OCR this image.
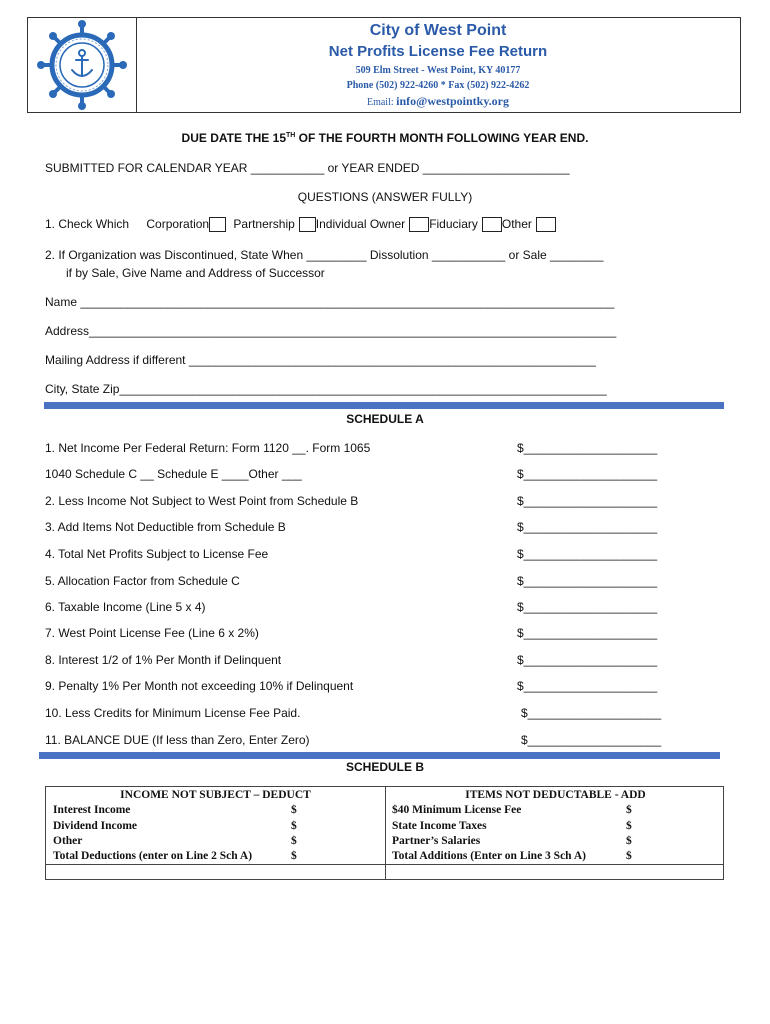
City of West Point
Net Profits License Fee Return
509 Elm Street - West Point, KY 40177
Phone (502) 922-4260 * Fax (502) 922-4262
Email: info@westpointky.org
DUE DATE THE 15TH OF THE FOURTH MONTH FOLLOWING YEAR END.
SUBMITTED FOR CALENDAR YEAR ___________ or YEAR ENDED ______________________
QUESTIONS (ANSWER FULLY)
1. Check Which Corporation Partnership Individual Owner Fiduciary Other
2. If Organization was Discontinued, State When _________ Dissolution ___________ or Sale ________
if by Sale, Give Name and Address of Successor
Name ________________________________________________________________________________
Address_______________________________________________________________________________
Mailing Address if different _____________________________________________________________
City, State Zip_________________________________________________________________________
SCHEDULE A
1. Net Income Per Federal Return: Form 1120 __. Form 1065	$____________________
1040 Schedule C __ Schedule E ____Other ___	$____________________
2. Less Income Not Subject to West Point from Schedule B	$____________________
3. Add Items Not Deductible from Schedule B	$____________________
4. Total Net Profits Subject to License Fee	$____________________
5. Allocation Factor from Schedule C	$____________________
6. Taxable Income (Line 5 x 4)	$____________________
7. West Point License Fee (Line 6 x 2%)	$____________________
8. Interest 1/2 of 1% Per Month if Delinquent	$____________________
9. Penalty 1% Per Month not exceeding 10% if Delinquent	$____________________
10. Less Credits for Minimum License Fee Paid.	$____________________
11. BALANCE DUE (If less than Zero, Enter Zero)	$____________________
SCHEDULE B
INCOME NOT SUBJECT – DEDUCT
Interest Income	$
Dividend Income	$
Other	$
Total Deductions (enter on Line 2 Sch A)	$
ITEMS NOT DEDUCTABLE - ADD
$40 Minimum License Fee	$
State Income Taxes	$
Partner’s Salaries	$
Total Additions (Enter on Line 3 Sch A)	$
